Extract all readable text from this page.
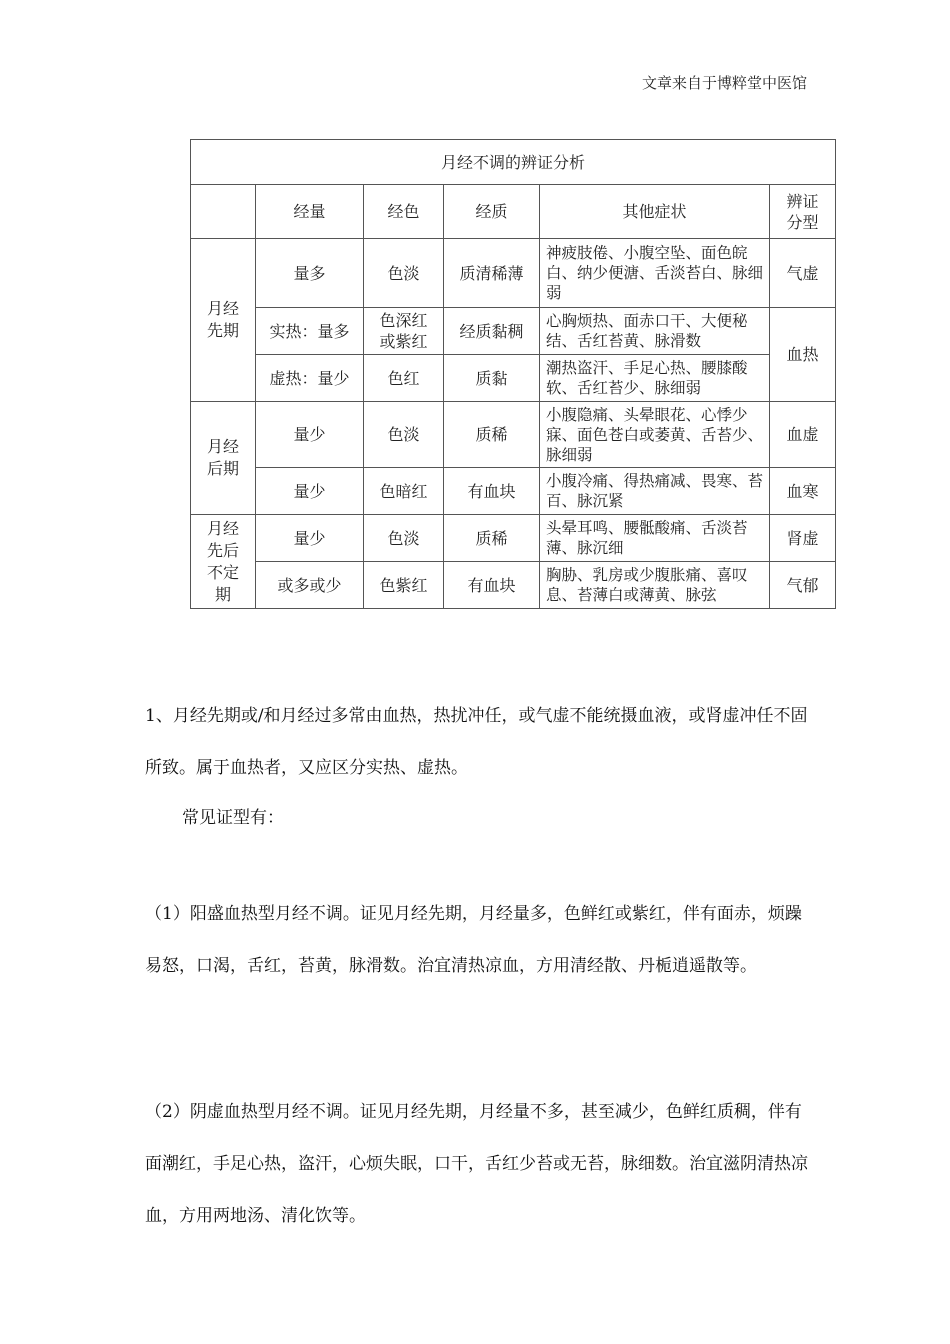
文章来自于博粹堂中医馆
月经不调的辨证分析					
	经量	经色	经质	其他症状	辨证分型

月经先期	量多	色淡	质清稀薄	神疲肢倦、小腹空坠、面色皖白、纳少便溏、舌淡苔白、脉细弱	气虚
	实热：量多	色深红或紫红	经质黏稠	心胸烦热、面赤口干、大便秘结、舌红苔黄、脉滑数	血热
	虚热：量少	色红	质黏	潮热盗汗、手足心热、腰膝酸软、舌红苔少、脉细弱	

月经后期	量少	色淡	质稀	小腹隐痛、头晕眼花、心悸少寐、面色苍白或萎黄、舌苔少、脉细弱	血虚
	量少	色暗红	有血块	小腹冷痛、得热痛减、畏寒、苔百、脉沉紧	血寒

月经先后不定期	量少	色淡	质稀	头晕耳鸣、腰骶酸痛、舌淡苔薄、脉沉细	肾虚
	或多或少	色紫红	有血块	胸胁、乳房或少腹胀痛、喜叹息、苔薄白或薄黄、脉弦	气郁
1、月经先期或/和月经过多常由血热，热扰冲任，或气虚不能统摄血液，或肾虚冲任不固所致。属于血热者，又应区分实热、虚热。
常见证型有：
（1）阳盛血热型月经不调。证见月经先期，月经量多，色鲜红或紫红，伴有面赤，烦躁易怒，口渴，舌红，苔黄，脉滑数。治宜清热凉血，方用清经散、丹栀逍遥散等。
（2）阴虚血热型月经不调。证见月经先期，月经量不多，甚至减少，色鲜红质稠，伴有面潮红，手足心热，盗汗，心烦失眠，口干，舌红少苔或无苔，脉细数。治宜滋阴清热凉血，方用两地汤、清化饮等。
